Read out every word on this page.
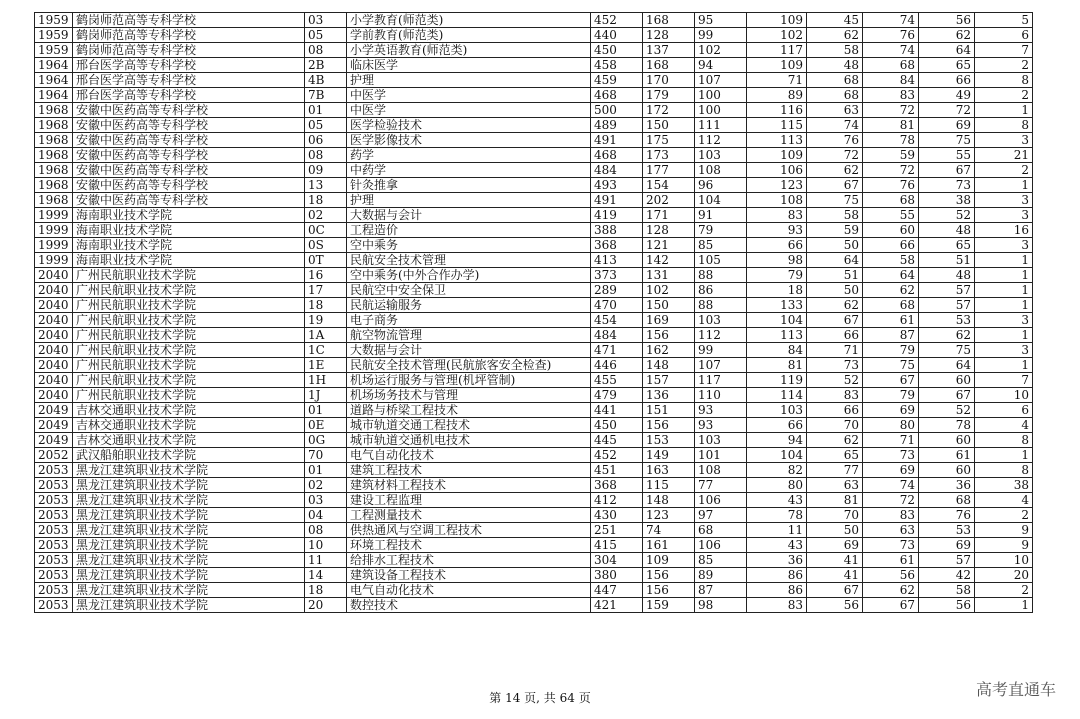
1959	鹤岗师范高等专科学校	03	小学教育(师范类)	452	168	95	109	45	74	56	5
1959	鹤岗师范高等专科学校	05	学前教育(师范类)	440	128	99	102	62	76	62	6
1959	鹤岗师范高等专科学校	08	小学英语教育(师范类)	450	137	102	117	58	74	64	7
1964	邢台医学高等专科学校	2B	临床医学	458	168	94	109	48	68	65	2
1964	邢台医学高等专科学校	4B	护理	459	170	107	71	68	84	66	8
1964	邢台医学高等专科学校	7B	中医学	468	179	100	89	68	83	49	2
1968	安徽中医药高等专科学校	01	中医学	500	172	100	116	63	72	72	1
1968	安徽中医药高等专科学校	05	医学检验技术	489	150	111	115	74	81	69	8
1968	安徽中医药高等专科学校	06	医学影像技术	491	175	112	113	76	78	75	3
1968	安徽中医药高等专科学校	08	药学	468	173	103	109	72	59	55	21
1968	安徽中医药高等专科学校	09	中药学	484	177	108	106	62	72	67	2
1968	安徽中医药高等专科学校	13	针灸推拿	493	154	96	123	67	76	73	1
1968	安徽中医药高等专科学校	18	护理	491	202	104	108	75	68	38	3
1999	海南职业技术学院	02	大数据与会计	419	171	91	83	58	55	52	3
1999	海南职业技术学院	0C	工程造价	388	128	79	93	59	60	48	16
1999	海南职业技术学院	0S	空中乘务	368	121	85	66	50	66	65	3
1999	海南职业技术学院	0T	民航安全技术管理	413	142	105	98	64	58	51	1
2040	广州民航职业技术学院	16	空中乘务(中外合作办学)	373	131	88	79	51	64	48	1
2040	广州民航职业技术学院	17	民航空中安全保卫	289	102	86	18	50	62	57	1
2040	广州民航职业技术学院	18	民航运输服务	470	150	88	133	62	68	57	1
2040	广州民航职业技术学院	19	电子商务	454	169	103	104	67	61	53	3
2040	广州民航职业技术学院	1A	航空物流管理	484	156	112	113	66	87	62	1
2040	广州民航职业技术学院	1C	大数据与会计	471	162	99	84	71	79	75	3
2040	广州民航职业技术学院	1E	民航安全技术管理(民航旅客安全检查)	446	148	107	81	73	75	64	1
2040	广州民航职业技术学院	1H	机场运行服务与管理(机坪管制)	455	157	117	119	52	67	60	7
2040	广州民航职业技术学院	1J	机场场务技术与管理	479	136	110	114	83	79	67	10
2049	吉林交通职业技术学院	01	道路与桥梁工程技术	441	151	93	103	66	69	52	6
2049	吉林交通职业技术学院	0E	城市轨道交通工程技术	450	156	93	66	70	80	78	4
2049	吉林交通职业技术学院	0G	城市轨道交通机电技术	445	153	103	94	62	71	60	8
2052	武汉船舶职业技术学院	70	电气自动化技术	452	149	101	104	65	73	61	1
2053	黑龙江建筑职业技术学院	01	建筑工程技术	451	163	108	82	77	69	60	8
2053	黑龙江建筑职业技术学院	02	建筑材料工程技术	368	115	77	80	63	74	36	38
2053	黑龙江建筑职业技术学院	03	建设工程监理	412	148	106	43	81	72	68	4
2053	黑龙江建筑职业技术学院	04	工程测量技术	430	123	97	78	70	83	76	2
2053	黑龙江建筑职业技术学院	08	供热通风与空调工程技术	251	74	68	11	50	63	53	9
2053	黑龙江建筑职业技术学院	10	环境工程技术	415	161	106	43	69	73	69	9
2053	黑龙江建筑职业技术学院	11	给排水工程技术	304	109	85	36	41	61	57	10
2053	黑龙江建筑职业技术学院	14	建筑设备工程技术	380	156	89	86	41	56	42	20
2053	黑龙江建筑职业技术学院	18	电气自动化技术	447	156	87	86	67	62	58	2
2053	黑龙江建筑职业技术学院	20	数控技术	421	159	98	83	56	67	56	1
第 14 页, 共 64 页	高考直通车
